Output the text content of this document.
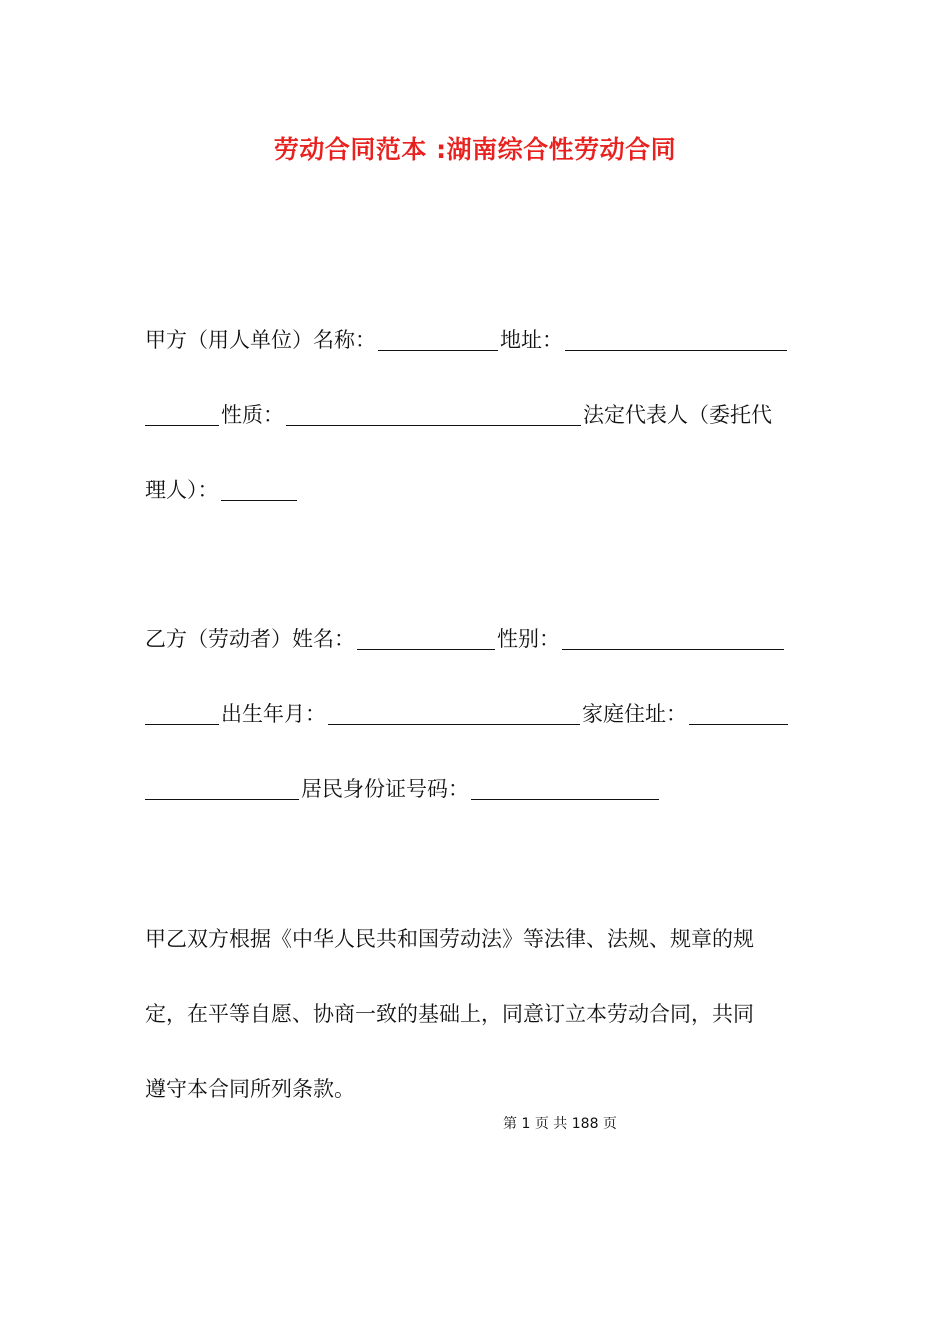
劳动合同范本 :湖南综合性劳动合同
甲方（用人单位）名称：	地址：
性质：	法定代表人（委托代
理人）：
乙方（劳动者）姓名：	性别：
出生年月：	家庭住址：
居民身份证号码：
甲乙双方根据《中华人民共和国劳动法》等法律、法规、规章的规
定，在平等自愿、协商一致的基础上，同意订立本劳动合同，共同
遵守本合同所列条款。
第 1 页 共 188 页
